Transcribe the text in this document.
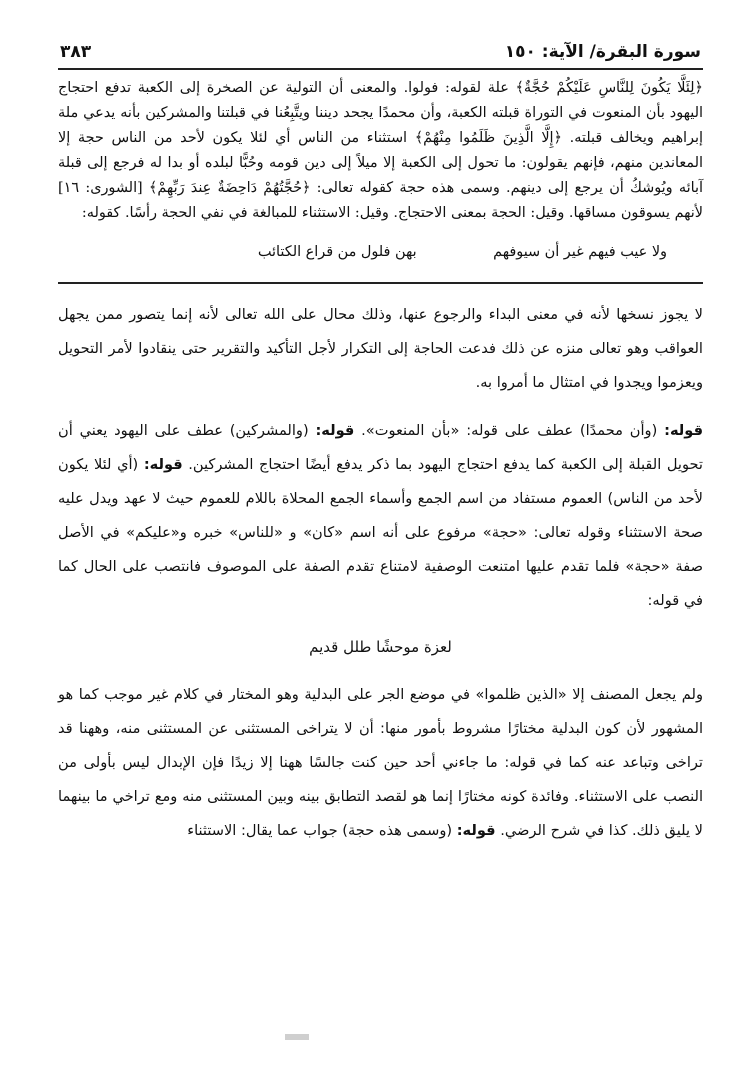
سورة البقرة/ الآية: ١٥٠
٣٨٣

﴿لِئَلَّا يَكُونَ لِلنَّاسِ عَلَيْكُمْ حُجَّةٌ﴾ علة لقوله: فولوا. والمعنى أن التولية عن الصخرة إلى الكعبة تدفع احتجاج اليهود بأن المنعوت في التوراة قبلته الكعبة، وأن محمدًا يجحد ديننا ويتَّبِعُنا في قبلتنا والمشركين بأنه يدعي ملة إبراهيم ويخالف قبلته. ﴿إِلَّا الَّذِينَ ظَلَمُوا مِنْهُمْ﴾ استثناء من الناس أي لئلا يكون لأحد من الناس حجة إلا المعاندين منهم، فإنهم يقولون: ما تحول إلى الكعبة إلا ميلاً إلى دين قومه وحُبًّا لبلده أو بدا له فرجع إلى قبلة آبائه ويُوشكُ أن يرجع إلى دينهم. وسمى هذه حجة كقوله تعالى: ﴿حُجَّتُهُمْ دَاحِضَةٌ عِندَ رَبِّهِمْ﴾ [الشورى: ١٦] لأنهم يسوقون مساقها. وقيل: الحجة بمعنى الاحتجاج. وقيل: الاستثناء للمبالغة في نفي الحجة رأسًا. كقوله:

ولا عيب فيهم غير أن سيوفهم بهن فلول من قراع الكتائب

لا يجوز نسخها لأنه في معنى البداء والرجوع عنها، وذلك محال على الله تعالى لأنه إنما يتصور ممن يجهل العواقب وهو تعالى منزه عن ذلك فدعت الحاجة إلى التكرار لأجل التأكيد والتقرير حتى ينقادوا لأمر التحويل ويعزموا ويجدوا في امتثال ما أمروا به.

قوله: (وأن محمدًا) عطف على قوله: «بأن المنعوت». قوله: (والمشركين) عطف على اليهود يعني أن تحويل القبلة إلى الكعبة كما يدفع احتجاج اليهود بما ذكر يدفع أيضًا احتجاج المشركين. قوله: (أي لئلا يكون لأحد من الناس) العموم مستفاد من اسم الجمع وأسماء الجمع المحلاة باللام للعموم حيث لا عهد ويدل عليه صحة الاستثناء وقوله تعالى: «حجة» مرفوع على أنه اسم «كان» و «للناس» خبره و«عليكم» في الأصل صفة «حجة» فلما تقدم عليها امتنعت الوصفية لامتناع تقدم الصفة على الموصوف فانتصب على الحال كما في قوله:

لعزة موحشًا طلل قديم

ولم يجعل المصنف إلا «الذين ظلموا» في موضع الجر على البدلية وهو المختار في كلام غير موجب كما هو المشهور لأن كون البدلية مختارًا مشروط بأمور منها: أن لا يتراخى المستثنى عن المستثنى منه، وههنا قد تراخى وتباعد عنه كما في قوله: ما جاءني أحد حين كنت جالسًا ههنا إلا زيدًا فإن الإبدال ليس بأولى من النصب على الاستثناء. وفائدة كونه مختارًا إنما هو لقصد التطابق بينه وبين المستثنى منه ومع تراخي ما بينهما لا يليق ذلك. كذا في شرح الرضي. قوله: (وسمى هذه حجة) جواب عما يقال: الاستثناء
